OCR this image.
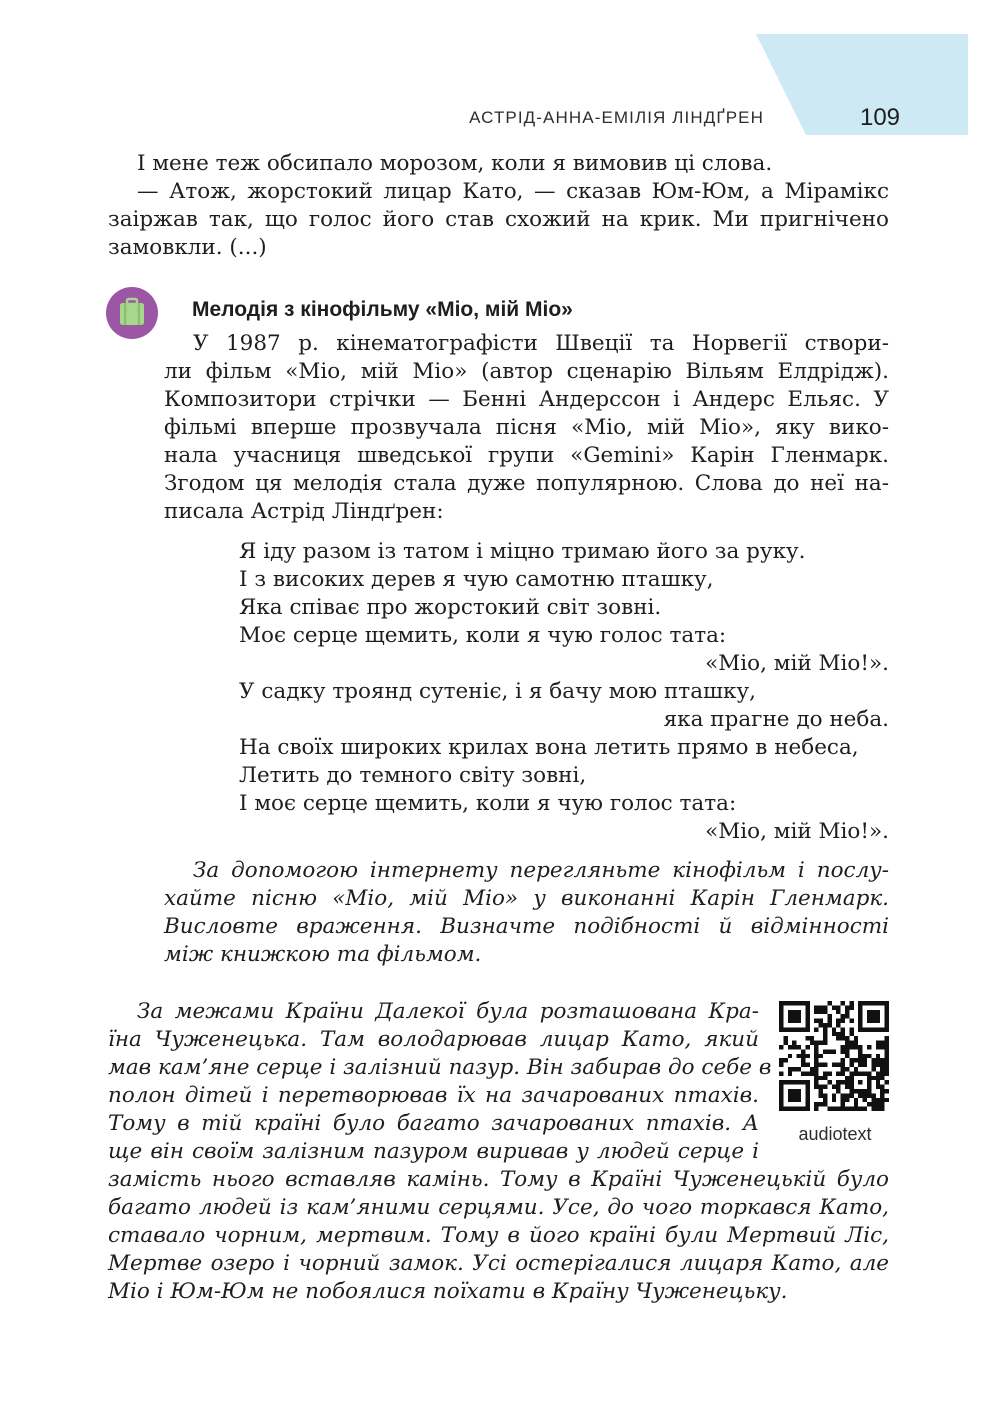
АСТРІД-АННА-ЕМІЛІЯ ЛІНДҐРЕН	109
І мене теж обсипало морозом, коли я вимовив ці слова.
— Атож, жорстокий лицар Като, — сказав Юм-Юм, а Мірамікс
заіржав так, що голос його став схожий на крик. Ми пригнічено
замовкли. (...)
Мелодія з кінофільму «Міо, мій Міо»
У 1987 р. кінематографісти Швеції та Норвегії створи-
ли фільм «Міо, мій Міо» (автор сценарію Вільям Елдрідж).
Композитори стрічки — Бенні Андерссон і Андерс Ельяс. У
фільмі вперше прозвучала пісня «Міо, мій Міо», яку вико-
нала учасниця шведської групи «Gemini» Карін Гленмарк.
Згодом ця мелодія стала дуже популярною. Слова до неї на-
писала Астрід Ліндґрен:
Я іду разом із татом і міцно тримаю його за руку.
І з високих дерев я чую самотню пташку,
Яка співає про жорстокий світ зовні.
Моє серце щемить, коли я чую голос тата:
«Міо, мій Міо!».
У садку троянд сутеніє, і я бачу мою пташку,
яка прагне до неба.
На своїх широких крилах вона летить прямо в небеса,
Летить до темного світу зовні,
І моє серце щемить, коли я чую голос тата:
«Міо, мій Міо!».
За допомогою інтернету перегляньте кінофільм і послу-
хайте пісню «Міо, мій Міо» у виконанні Карін Гленмарк.
Висловте враження. Визначте подібності й відмінності
між книжкою та фільмом.
За межами Країни Далекої була розташована Кра-
їна Чуженецька. Там володарював лицар Като, який
мав кам’яне серце і залізний пазур. Він забирав до себе в
полон дітей і перетворював їх на зачарованих птахів.
Тому в тій країні було багато зачарованих птахів. А
ще він своїм залізним пазуром виривав у людей серце і
замість нього вставляв камінь. Тому в Країні Чуженецькій було
багато людей із кам’яними серцями. Усе, до чого торкався Като,
ставало чорним, мертвим. Тому в його країні були Мертвий Ліс,
Мертве озеро і чорний замок. Усі остерігалися лицаря Като, але
Міо і Юм-Юм не побоялися поїхати в Країну Чуженецьку.
audiotext
